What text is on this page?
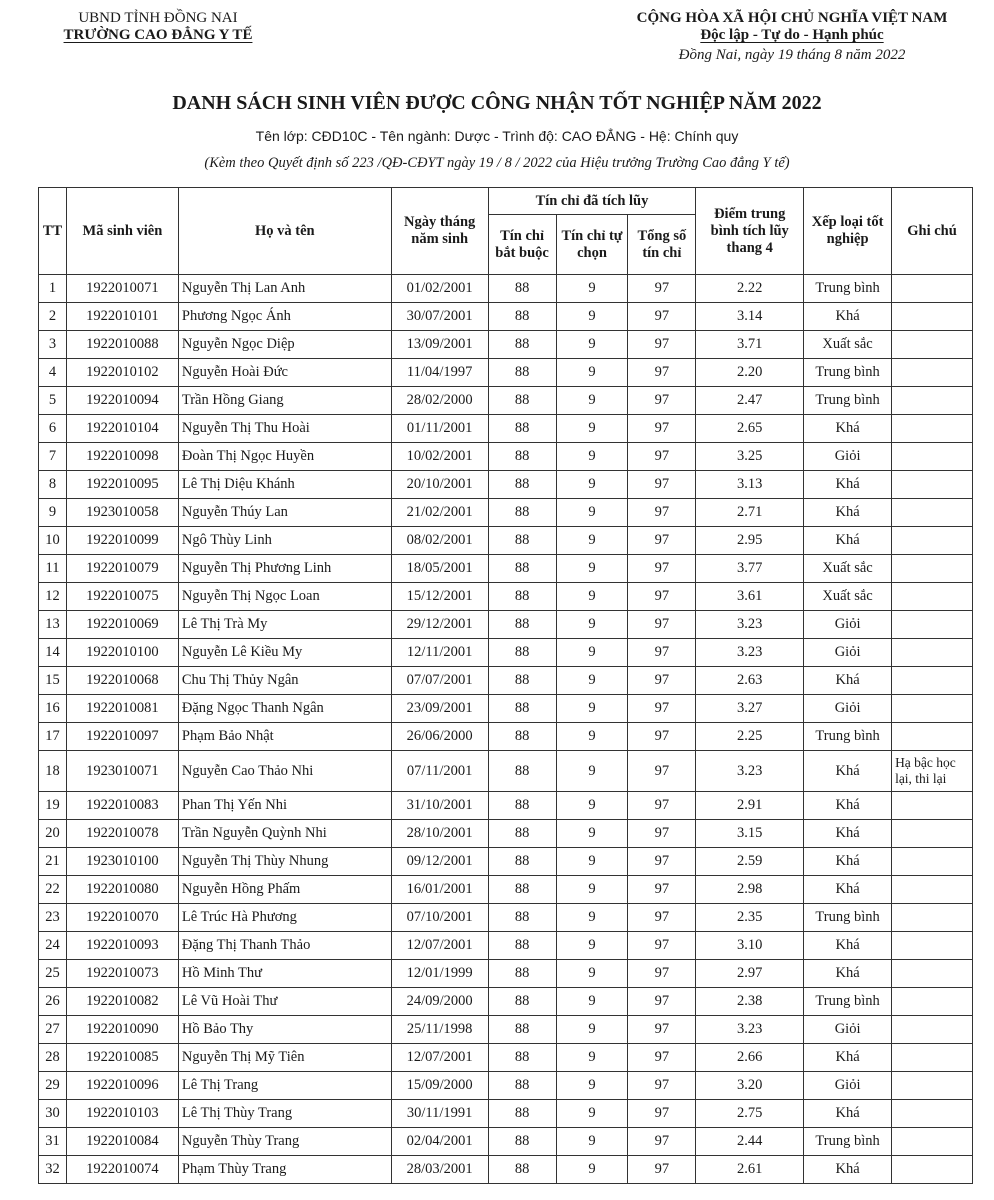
UBND TỈNH ĐỒNG NAI
TRƯỜNG CAO ĐẲNG Y TẾ
CỘNG HÒA XÃ HỘI CHỦ NGHĨA VIỆT NAM
Độc lập - Tự do - Hạnh phúc
Đồng Nai, ngày 19 tháng 8 năm 2022
DANH SÁCH SINH VIÊN ĐƯỢC CÔNG NHẬN TỐT NGHIỆP NĂM 2022
Tên lớp: CĐD10C - Tên ngành: Dược - Trình độ: CAO ĐẲNG - Hệ: Chính quy
(Kèm theo Quyết định số 223 /QĐ-CĐYT ngày 19 / 8 / 2022 của Hiệu trưởng Trường Cao đẳng Y tế)
TT	Mã sinh viên	Họ và tên	Ngày tháng năm sinh	Tín chỉ đã tích lũy			Điểm trung bình tích lũy thang 4	Xếp loại tốt nghiệp	Ghi chú
				Tín chỉ bắt buộc	Tín chỉ tự chọn	Tổng số tín chỉ			
1	1922010071	Nguyễn Thị Lan Anh	01/02/2001	88	9	97	2.22	Trung bình	
2	1922010101	Phương Ngọc Ánh	30/07/2001	88	9	97	3.14	Khá	
3	1922010088	Nguyễn Ngọc Diệp	13/09/2001	88	9	97	3.71	Xuất sắc	
4	1922010102	Nguyễn Hoài Đức	11/04/1997	88	9	97	2.20	Trung bình	
5	1922010094	Trần Hồng Giang	28/02/2000	88	9	97	2.47	Trung bình	
6	1922010104	Nguyễn Thị Thu Hoài	01/11/2001	88	9	97	2.65	Khá	
7	1922010098	Đoàn Thị Ngọc Huyền	10/02/2001	88	9	97	3.25	Giỏi	
8	1922010095	Lê Thị Diệu Khánh	20/10/2001	88	9	97	3.13	Khá	
9	1923010058	Nguyễn Thúy Lan	21/02/2001	88	9	97	2.71	Khá	
10	1922010099	Ngô Thùy Linh	08/02/2001	88	9	97	2.95	Khá	
11	1922010079	Nguyễn Thị Phương Linh	18/05/2001	88	9	97	3.77	Xuất sắc	
12	1922010075	Nguyễn Thị Ngọc Loan	15/12/2001	88	9	97	3.61	Xuất sắc	
13	1922010069	Lê Thị Trà My	29/12/2001	88	9	97	3.23	Giỏi	
14	1922010100	Nguyễn Lê Kiều My	12/11/2001	88	9	97	3.23	Giỏi	
15	1922010068	Chu Thị Thủy Ngân	07/07/2001	88	9	97	2.63	Khá	
16	1922010081	Đặng Ngọc Thanh Ngân	23/09/2001	88	9	97	3.27	Giỏi	
17	1922010097	Phạm Bảo Nhật	26/06/2000	88	9	97	2.25	Trung bình	
18	1923010071	Nguyễn Cao Thảo Nhi	07/11/2001	88	9	97	3.23	Khá	Hạ bậc học lại, thi lại
19	1922010083	Phan Thị Yến Nhi	31/10/2001	88	9	97	2.91	Khá	
20	1922010078	Trần Nguyễn Quỳnh Nhi	28/10/2001	88	9	97	3.15	Khá	
21	1923010100	Nguyễn Thị Thùy Nhung	09/12/2001	88	9	97	2.59	Khá	
22	1922010080	Nguyễn Hồng Phấm	16/01/2001	88	9	97	2.98	Khá	
23	1922010070	Lê Trúc Hà Phương	07/10/2001	88	9	97	2.35	Trung bình	
24	1922010093	Đặng Thị Thanh Thảo	12/07/2001	88	9	97	3.10	Khá	
25	1922010073	Hồ Minh Thư	12/01/1999	88	9	97	2.97	Khá	
26	1922010082	Lê Vũ Hoài Thư	24/09/2000	88	9	97	2.38	Trung bình	
27	1922010090	Hồ Bảo Thy	25/11/1998	88	9	97	3.23	Giỏi	
28	1922010085	Nguyễn Thị Mỹ Tiên	12/07/2001	88	9	97	2.66	Khá	
29	1922010096	Lê Thị Trang	15/09/2000	88	9	97	3.20	Giỏi	
30	1922010103	Lê Thị Thùy Trang	30/11/1991	88	9	97	2.75	Khá	
31	1922010084	Nguyễn Thùy Trang	02/04/2001	88	9	97	2.44	Trung bình	
32	1922010074	Phạm Thùy Trang	28/03/2001	88	9	97	2.61	Khá	
